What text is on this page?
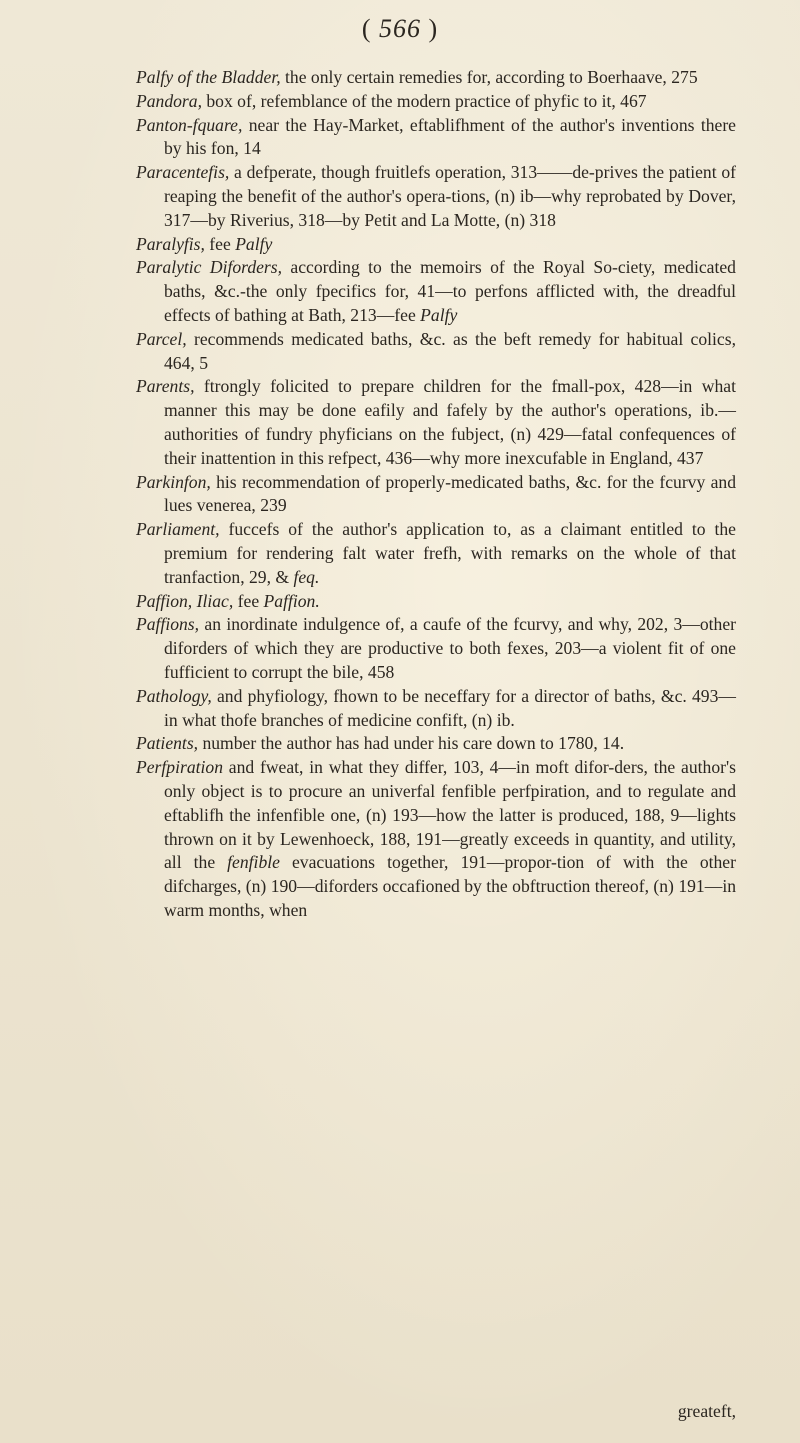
( 566 )

Palfy of the Bladder, the only certain remedies for, according to Boerhaave, 275

Pandora, box of, refemblance of the modern practice of phyfic to it, 467

Panton-fquare, near the Hay-Market, eftablifhment of the author's inventions there by his fon, 14

Paracentefis, a defperate, though fruitlefs operation, 313——de-prives the patient of reaping the benefit of the author's opera-tions, (n) ib—why reprobated by Dover, 317—by Riverius, 318—by Petit and La Motte, (n) 318

Paralyfis, fee Palfy

Paralytic Diforders, according to the memoirs of the Royal So-ciety, medicated baths, &c.-the only fpecifics for, 41—to perfons afflicted with, the dreadful effects of bathing at Bath, 213—fee Palfy

Parcel, recommends medicated baths, &c. as the beft remedy for habitual colics, 464, 5

Parents, ftrongly folicited to prepare children for the fmall-pox, 428—in what manner this may be done eafily and fafely by the author's operations, ib.—authorities of fundry phyficians on the fubject, (n) 429—fatal confequences of their inattention in this refpect, 436—why more inexcufable in England, 437

Parkinfon, his recommendation of properly-medicated baths, &c. for the fcurvy and lues venerea, 239

Parliament, fuccefs of the author's application to, as a claimant entitled to the premium for rendering falt water frefh, with remarks on the whole of that tranfaction, 29, & feq.

Paffion, Iliac, fee Paffion.

Paffions, an inordinate indulgence of, a caufe of the fcurvy, and why, 202, 3—other diforders of which they are productive to both fexes, 203—a violent fit of one fufficient to corrupt the bile, 458

Pathology, and phyfiology, fhown to be neceffary for a director of baths, &c. 493—in what thofe branches of medicine confift, (n) ib.

Patients, number the author has had under his care down to 1780, 14.

Perfpiration and fweat, in what they differ, 103, 4—in moft difor-ders, the author's only object is to procure an univerfal fenfible perfpiration, and to regulate and eftablifh the infenfible one, (n) 193—how the latter is produced, 188, 9—lights thrown on it by Lewenhoeck, 188, 191—greatly exceeds in quantity, and utility, all the fenfible evacuations together, 191—propor-tion of with the other difcharges, (n) 190—diforders occafioned by the obftruction thereof, (n) 191—in warm months, when

greateft,
